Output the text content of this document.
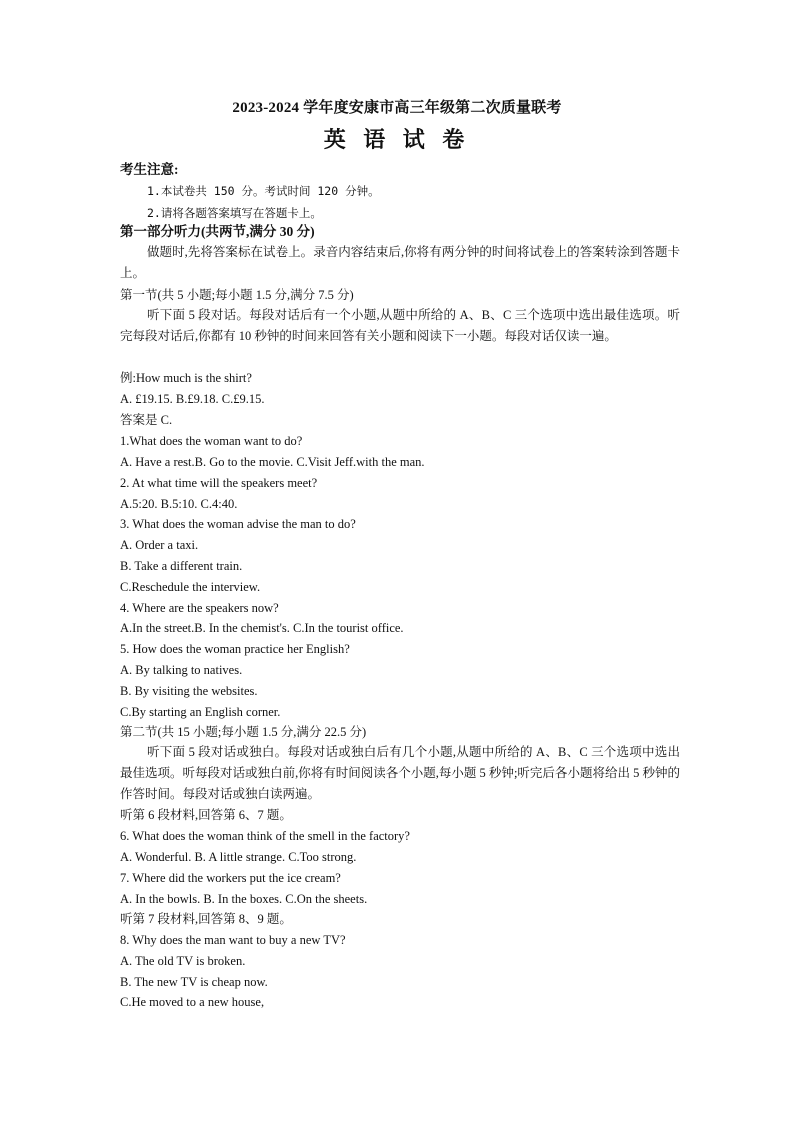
2023-2024 学年度安康市高三年级第二次质量联考
英 语 试 卷
考生注意:
1.本试卷共 150 分。考试时间 120 分钟。
2.请将各题答案填写在答题卡上。
第一部分听力(共两节,满分 30 分)
做题时,先将答案标在试卷上。录音内容结束后,你将有两分钟的时间将试卷上的答案转涂到答题卡上。
第一节(共 5 小题;每小题 1.5 分,满分 7.5 分)
听下面 5 段对话。每段对话后有一个小题,从题中所给的 A、B、C 三个选项中选出最佳选项。听完每段对话后,你都有 10 秒钟的时间来回答有关小题和阅读下一小题。每段对话仅读一遍。
例:How much is the shirt?
A. £19.15. B.£9.18. C.£9.15.
答案是 C.
1.What does the woman want to do?
A. Have a rest.B. Go to the movie. C.Visit Jeff.with the man.
2. At what time will the speakers meet?
A.5:20. B.5:10. C.4:40.
3. What does the woman advise the man to do?
A. Order a taxi.
B. Take a different train.
C.Reschedule the interview.
4. Where are the speakers now?
A.In the street.B. In the chemist's. C.In the tourist office.
5. How does the woman practice her English?
A. By talking to natives.
B. By visiting the websites.
C.By starting an English corner.
第二节(共 15 小题;每小题 1.5 分,满分 22.5 分)
听下面 5 段对话或独白。每段对话或独白后有几个小题,从题中所给的 A、B、C 三个选项中选出最佳选项。听每段对话或独白前,你将有时间阅读各个小题,每小题 5 秒钟;听完后各小题将给出 5 秒钟的作答时间。每段对话或独白读两遍。
听第 6 段材料,回答第 6、7 题。
6. What does the woman think of the smell in the factory?
A. Wonderful. B. A little strange. C.Too strong.
7. Where did the workers put the ice cream?
A. In the bowls. B. In the boxes. C.On the sheets.
听第 7 段材料,回答第 8、9 题。
8. Why does the man want to buy a new TV?
A. The old TV is broken.
B. The new TV is cheap now.
C.He moved to a new house,
